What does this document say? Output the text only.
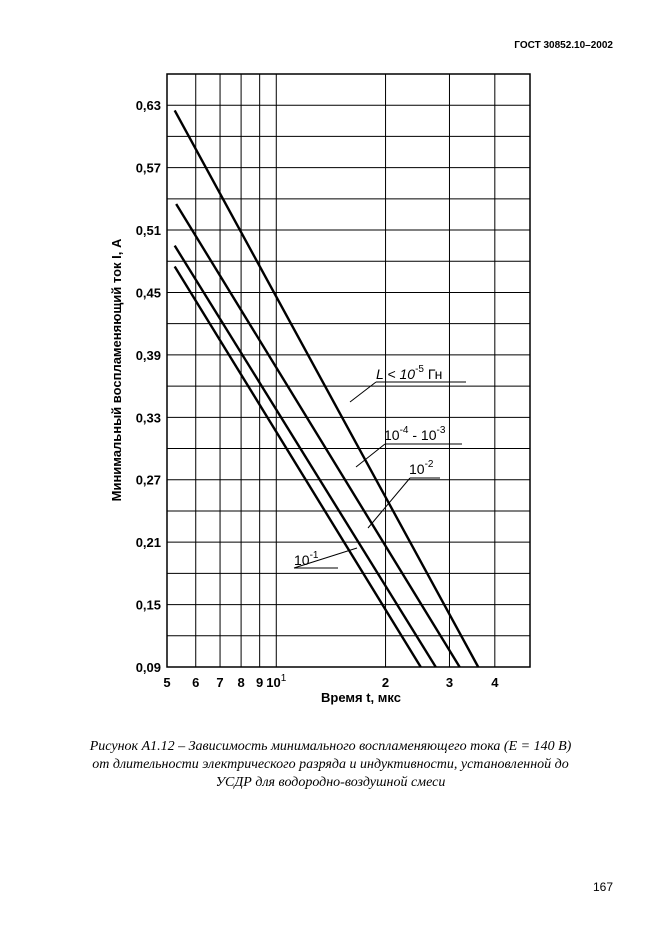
ГОСТ 30852.10–2002
5 6 7 8 9 $10^1$	2	3	4
0,09
0,15
0,21
0,27
0,33
0,39
0,45
0,51
0,57
0,63
Время t, мкс
Минимальный воспламеняющий ток I, А	$L < 10^{-5}$ Гн
$10^{-4} - 10^{-3}$
$10^{-2}$
$10^{-1}$
Рисунок А1.12 – Зависимость минимального воспламеняющего тока (Е = 140 В)
от длительности электрического разряда и индуктивности, установленной до
УСДР для водородно-воздушной смеси
167
